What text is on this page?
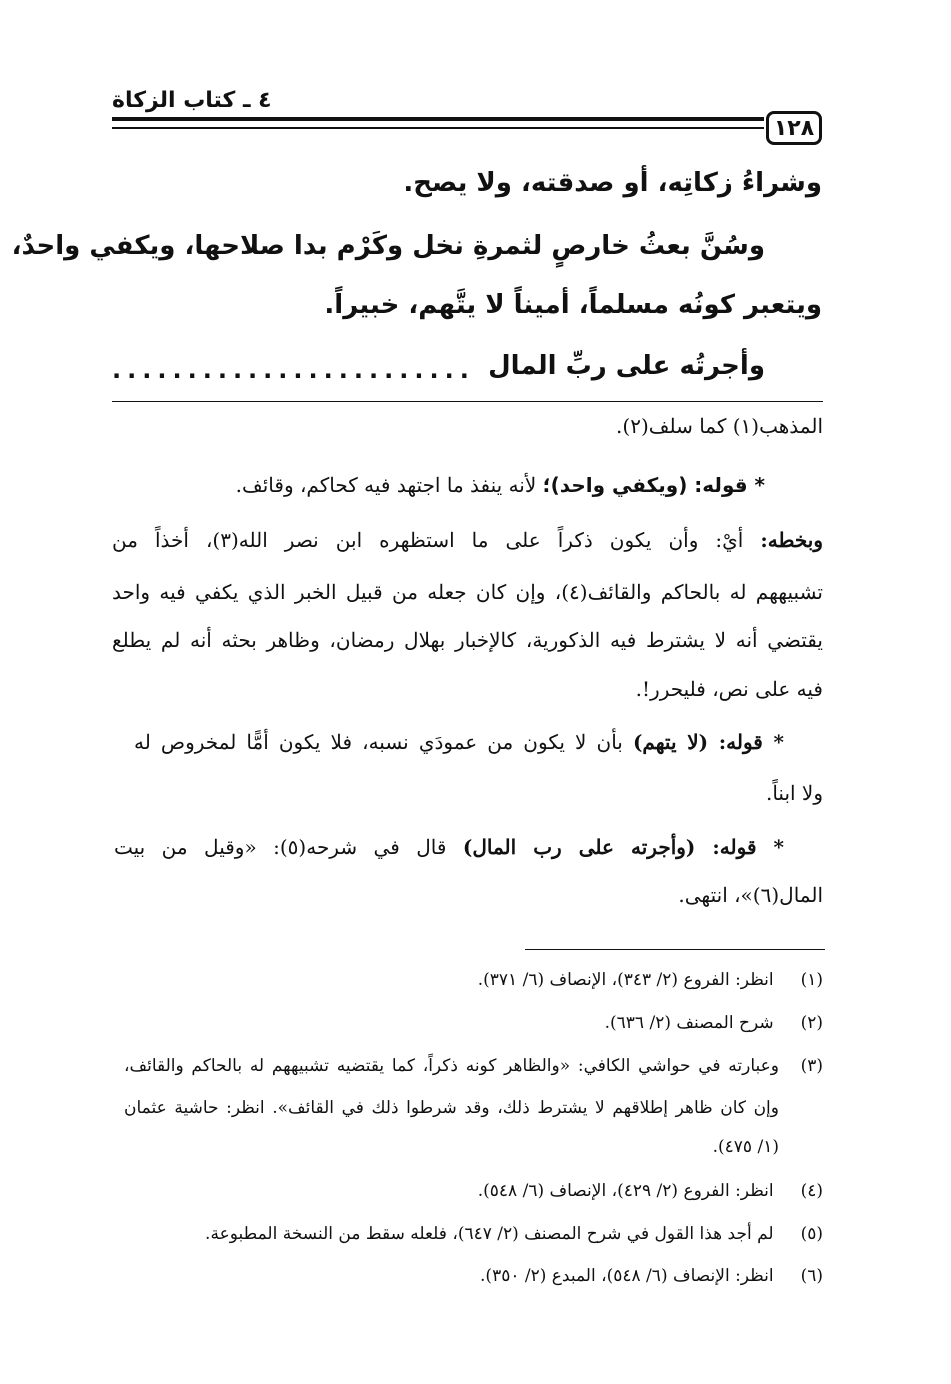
٤ ـ كتاب الزكاة
١٢٨
وشراءُ زكاتِه، أو صدقته، ولا يصح.
وسُنَّ بعثُ خارصٍ لثمرةِ نخل وكَرْم بدا صلاحها، ويكفي واحدٌ،
ويتعبر كونُه مسلماً، أميناً لا يتَّهم، خبيراً.
وأجرتُه على ربِّ المال
........................
المذهب(١) كما سلف(٢).
* قوله: (ويكفي واحد)؛ لأنه ينفذ ما اجتهد فيه كحاكم، وقائف.
وبخطه: أيْ: وأن يكون ذكراً على ما استظهره ابن نصر الله(٣)، أخذاً من
تشبيههم له بالحاكم والقائف(٤)، وإن كان جعله من قبيل الخبر الذي يكفي فيه واحد
يقتضي أنه لا يشترط فيه الذكورية، كالإخبار بهلال رمضان، وظاهر بحثه أنه لم يطلع
فيه على نص، فليحرر!.
* قوله: (لا يتهم) بأن لا يكون من عمودَي نسبه، فلا يكون أمًّا لمخروص له
ولا ابناً.
* قوله: (وأجرته على رب المال) قال في شرحه(٥): «وقيل من بيت
المال(٦)»، انتهى.
(١) انظر: الفروع (٢/ ٣٤٣)، الإنصاف (٦/ ٣٧١).
(٢) شرح المصنف (٢/ ٦٣٦).
(٣)
وعبارته في حواشي الكافي: «والظاهر كونه ذكراً، كما يقتضيه تشبيههم له بالحاكم والقائف،
وإن كان ظاهر إطلاقهم لا يشترط ذلك، وقد شرطوا ذلك في القائف». انظر: حاشية عثمان
(١/ ٤٧٥).
(٤) انظر: الفروع (٢/ ٤٢٩)، الإنصاف (٦/ ٥٤٨).
(٥) لم أجد هذا القول في شرح المصنف (٢/ ٦٤٧)، فلعله سقط من النسخة المطبوعة.
(٦) انظر: الإنصاف (٦/ ٥٤٨)، المبدع (٢/ ٣٥٠).
